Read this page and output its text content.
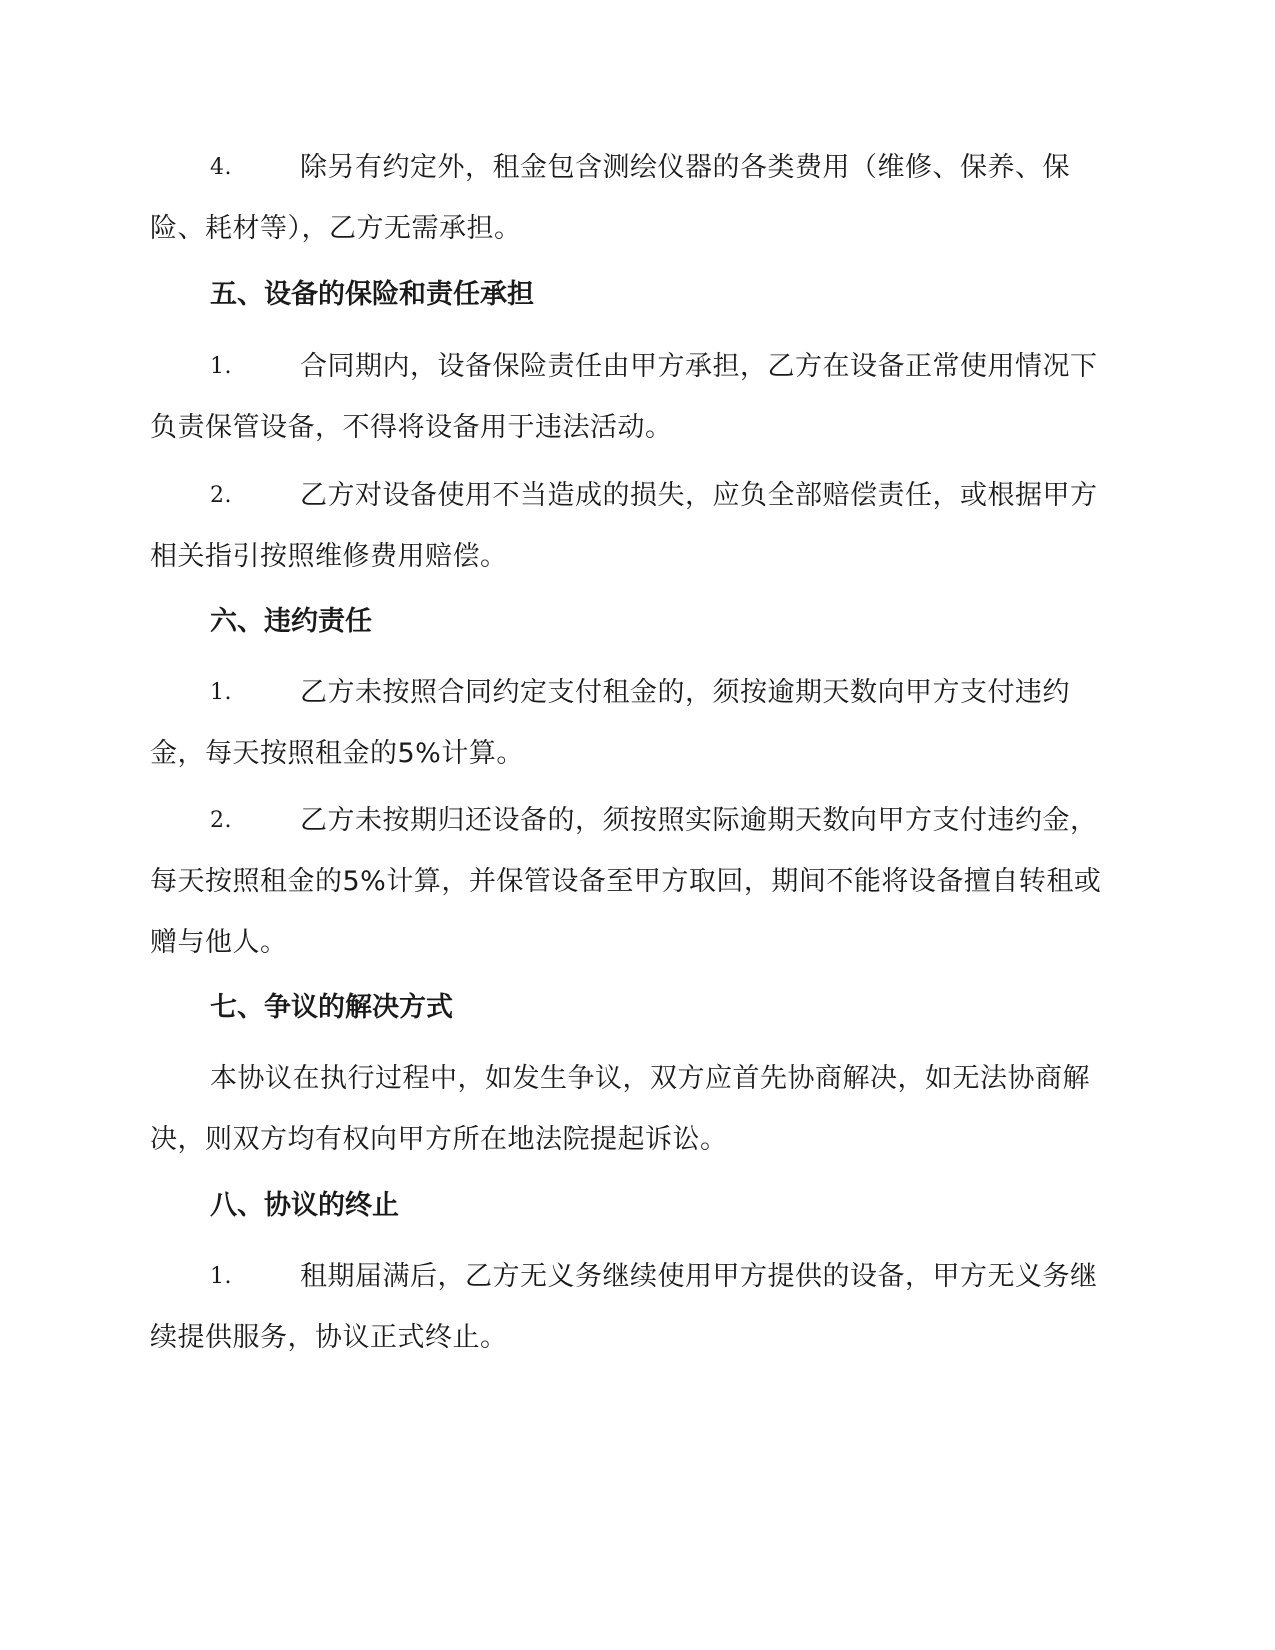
4.	除另有约定外，租金包含测绘仪器的各类费用（维修、保养、保险、耗材等），乙方无需承担。

五、设备的保险和责任承担

1.	合同期内，设备保险责任由甲方承担，乙方在设备正常使用情况下负责保管设备，不得将设备用于违法活动。

2.	乙方对设备使用不当造成的损失，应负全部赔偿责任，或根据甲方相关指引按照维修费用赔偿。

六、违约责任

1.	乙方未按照合同约定支付租金的，须按逾期天数向甲方支付违约金，每天按照租金的5%计算。

2.	乙方未按期归还设备的，须按照实际逾期天数向甲方支付违约金，每天按照租金的5%计算，并保管设备至甲方取回，期间不能将设备擅自转租或赠与他人。

七、争议的解决方式

本协议在执行过程中，如发生争议，双方应首先协商解决，如无法协商解决，则双方均有权向甲方所在地法院提起诉讼。

八、协议的终止

1.	租期届满后，乙方无义务继续使用甲方提供的设备，甲方无义务继续提供服务，协议正式终止。
